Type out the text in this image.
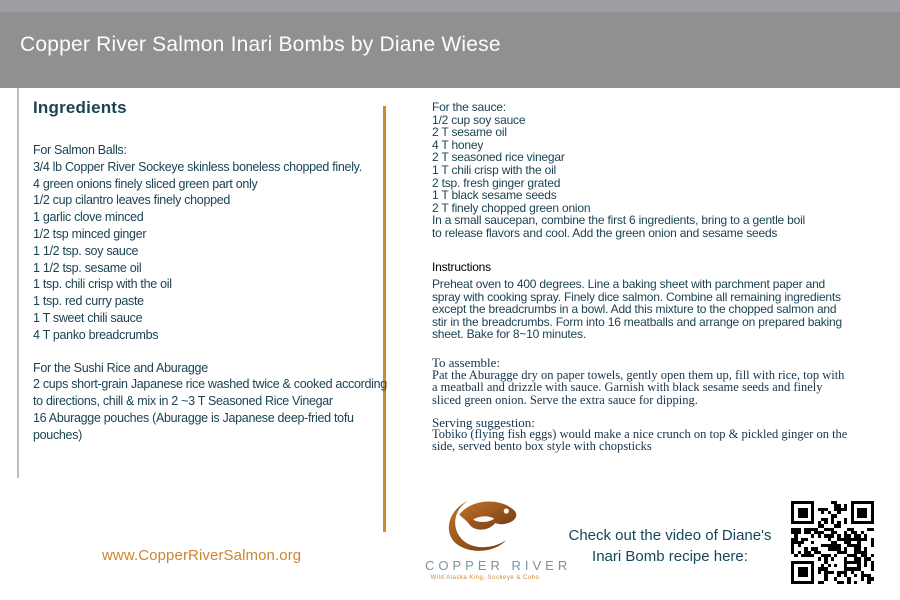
Copper River Salmon Inari Bombs by Diane Wiese
Ingredients
For Salmon Balls:
3/4 lb Copper River Sockeye skinless boneless chopped finely.
4 green onions finely sliced green part only
1/2 cup cilantro leaves finely chopped
1 garlic clove minced
1/2 tsp minced ginger
1 1/2 tsp. soy sauce
1 1/2 tsp. sesame oil
1 tsp. chili crisp with the oil
1 tsp. red curry paste
1 T sweet chili sauce
4 T panko breadcrumbs
For the Sushi Rice and Aburagge
2 cups short-grain Japanese rice washed twice & cooked according
to directions, chill & mix in 2 ~3 T Seasoned Rice Vinegar
16 Aburagge pouches (Aburagge is Japanese deep-fried tofu
pouches)
For the sauce:
1/2 cup soy sauce
2 T sesame oil
4 T honey
2 T seasoned rice vinegar
1 T chili crisp with the oil
2 tsp. fresh ginger grated
1 T black sesame seeds
2 T finely chopped green onion
In a small saucepan, combine the first 6 ingredients, bring to a gentle boil
to release flavors and cool. Add the green onion and sesame seeds
Instructions
Preheat oven to 400 degrees. Line a baking sheet with parchment paper and spray with cooking spray. Finely dice salmon. Combine all remaining ingredients except the breadcrumbs in a bowl. Add this mixture to the chopped salmon and stir in the breadcrumbs. Form into 16 meatballs and arrange on prepared baking sheet. Bake for 8~10 minutes.
To assemble:
Pat the Aburagge dry on paper towels, gently open them up, fill with rice, top with a meatball and drizzle with sauce. Garnish with black sesame seeds and finely sliced green onion. Serve the extra sauce for dipping.
Serving suggestion:
Tobiko (flying fish eggs) would make a nice crunch on top & pickled ginger on the side, served bento box style with chopsticks
www.CopperRiverSalmon.org
COPPER RIVER
Wild Alaska King, Sockeye & Coho
Check out the video of Diane's
Inari Bomb recipe here:
